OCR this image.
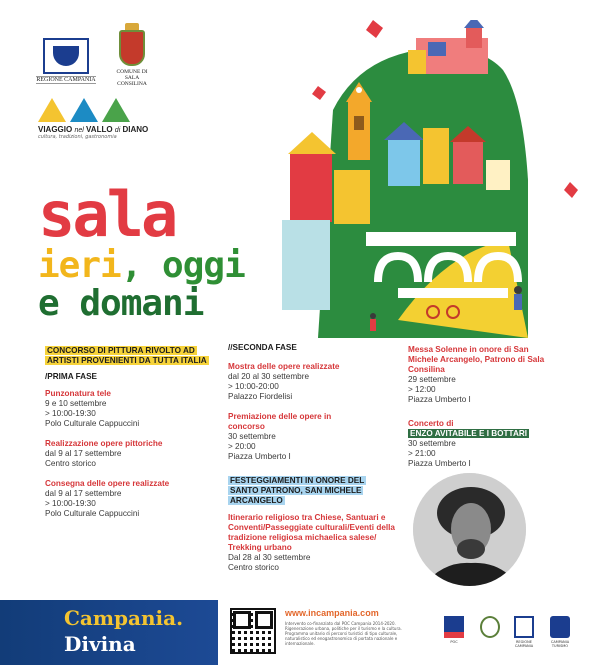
REGIONE CAMPANIA
COMUNE DI SALA CONSILINA
VIAGGIO nel VALLO di DIANO
cultura, tradizioni, gastronomia
sala
ieri, oggi
e domani
CONCORSO DI PITTURA RIVOLTO AD ARTISTI PROVENIENTI DA TUTTA ITALIA
/PRIMA FASE
Punzonatura tele
9 e 10 settembre
> 10:00-19:30
Polo Culturale Cappuccini
Realizzazione opere pittoriche
dal 9 al 17 settembre
Centro storico
Consegna delle opere realizzate
dal 9 al 17 settembre
> 10:00-19:30
Polo Culturale Cappuccini
//SECONDA FASE
Mostra delle opere realizzate
dal 20 al 30 settembre
> 10:00-20:00
Palazzo Fiordelisi
Premiazione delle opere in concorso
30 settembre
> 20:00
Piazza Umberto I
FESTEGGIAMENTI IN ONORE DEL SANTO PATRONO, SAN MICHELE ARCANGELO
Itinerario religioso tra Chiese, Santuari e Conventi/Passeggiate culturali/Eventi della tradizione religiosa michaelica salese/ Trekking urbano
Dal 28 al 30 settembre
Centro storico
Messa Solenne in onore di San Michele Arcangelo, Patrono di Sala Consilina
29 settembre
> 12:00
Piazza Umberto I
Concerto di
ENZO AVITABILE E I BOTTARI
30 settembre
> 21:00
Piazza Umberto I
Campania.
Divina
www.incampania.com
Intervento co-finanziato dal POC Campania 2014-2020. Rigenerazione urbana, politiche per il turismo e la cultura. Programma unitario di percorsi turistici di tipo culturale, naturalistico ed enogastronomico di portata nazionale e internazionale.	POC	REGIONE CAMPANIA
CAMPANIA TURISMO
